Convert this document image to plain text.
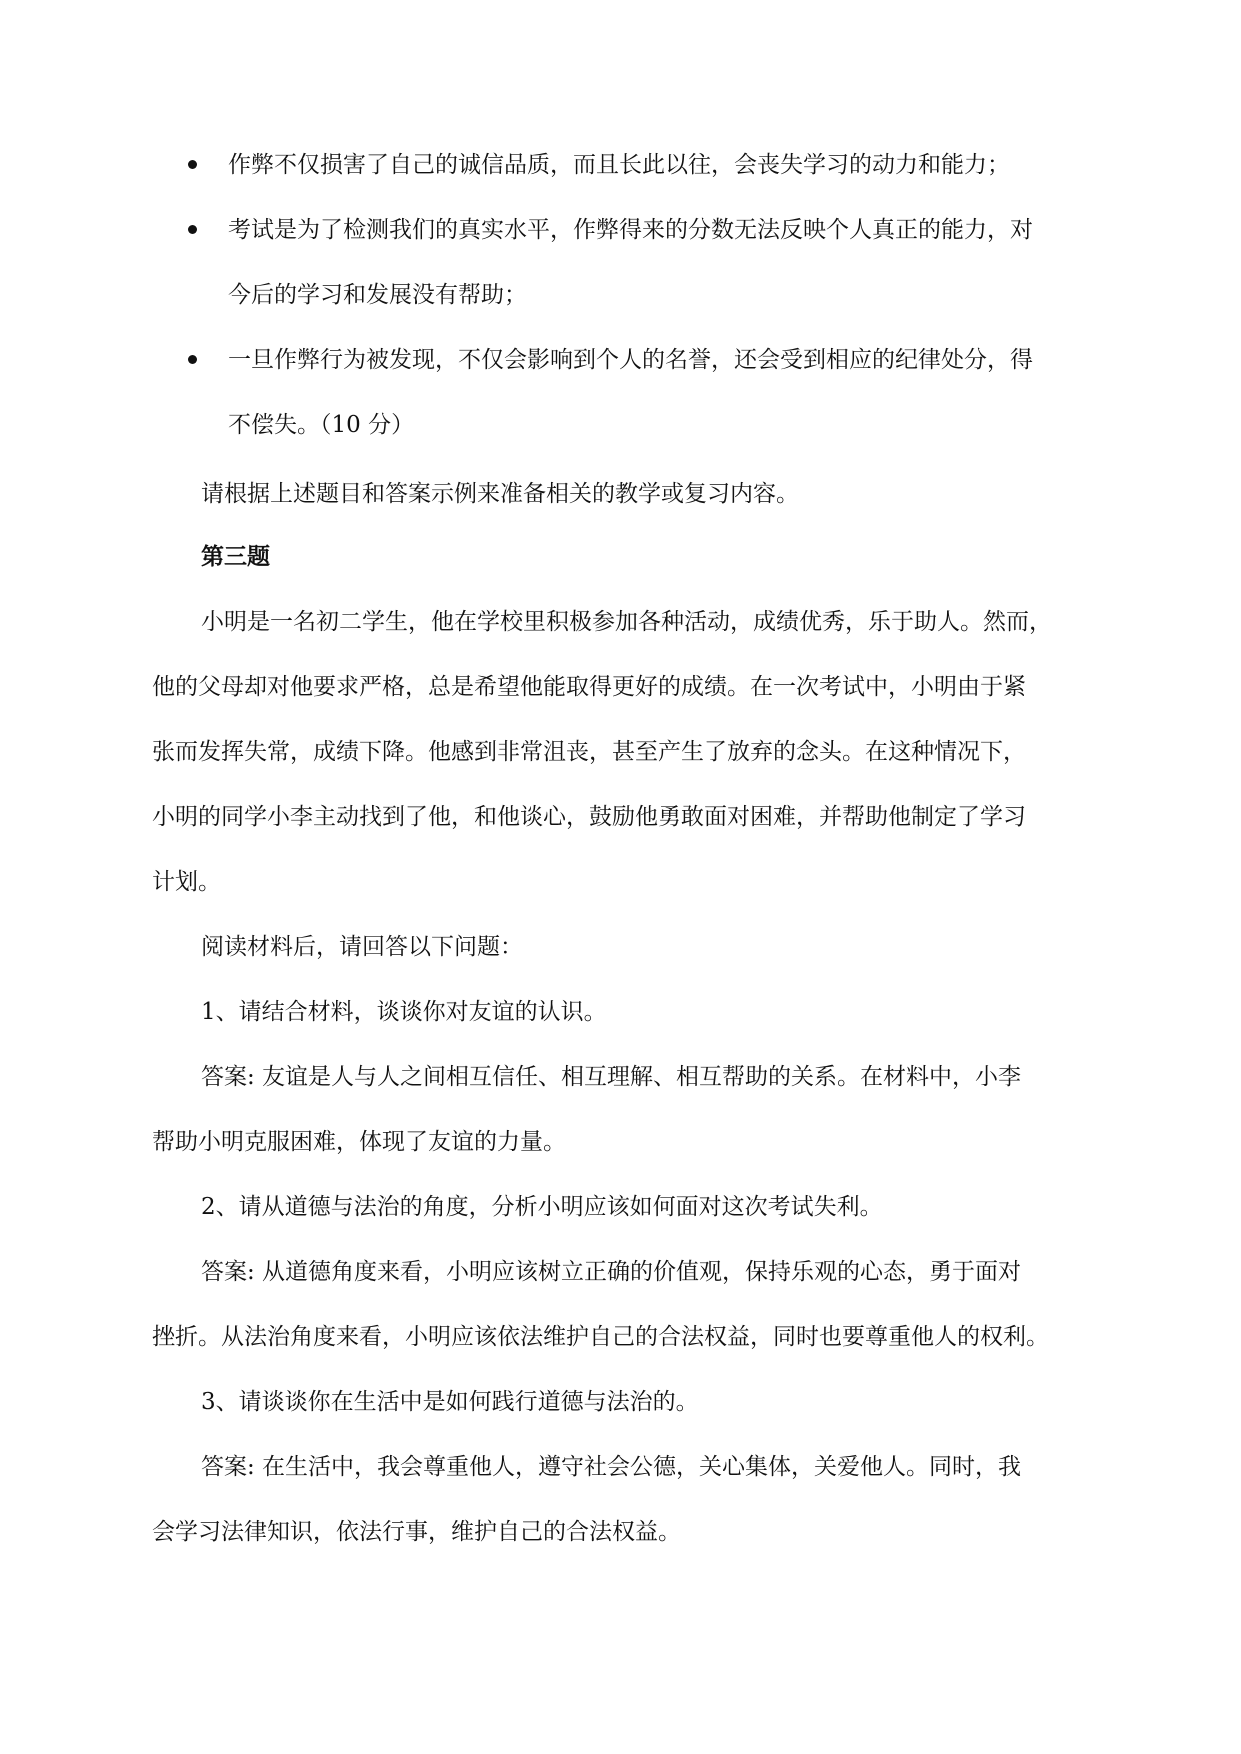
作弊不仅损害了自己的诚信品质，而且长此以往，会丧失学习的动力和能力；
考试是为了检测我们的真实水平，作弊得来的分数无法反映个人真正的能力，对
今后的学习和发展没有帮助；
一旦作弊行为被发现，不仅会影响到个人的名誉，还会受到相应的纪律处分，得
不偿失。（10 分）
请根据上述题目和答案示例来准备相关的教学或复习内容。
第三题
小明是一名初二学生，他在学校里积极参加各种活动，成绩优秀，乐于助人。然而，
他的父母却对他要求严格，总是希望他能取得更好的成绩。在一次考试中，小明由于紧
张而发挥失常，成绩下降。他感到非常沮丧，甚至产生了放弃的念头。在这种情况下，
小明的同学小李主动找到了他，和他谈心，鼓励他勇敢面对困难，并帮助他制定了学习
计划。
阅读材料后，请回答以下问题：
1、请结合材料，谈谈你对友谊的认识。
答案: 友谊是人与人之间相互信任、相互理解、相互帮助的关系。在材料中，小李
帮助小明克服困难，体现了友谊的力量。
2、请从道德与法治的角度，分析小明应该如何面对这次考试失利。
答案: 从道德角度来看，小明应该树立正确的价值观，保持乐观的心态，勇于面对
挫折。从法治角度来看，小明应该依法维护自己的合法权益，同时也要尊重他人的权利。
3、请谈谈你在生活中是如何践行道德与法治的。
答案: 在生活中，我会尊重他人，遵守社会公德，关心集体，关爱他人。同时，我
会学习法律知识，依法行事，维护自己的合法权益。
